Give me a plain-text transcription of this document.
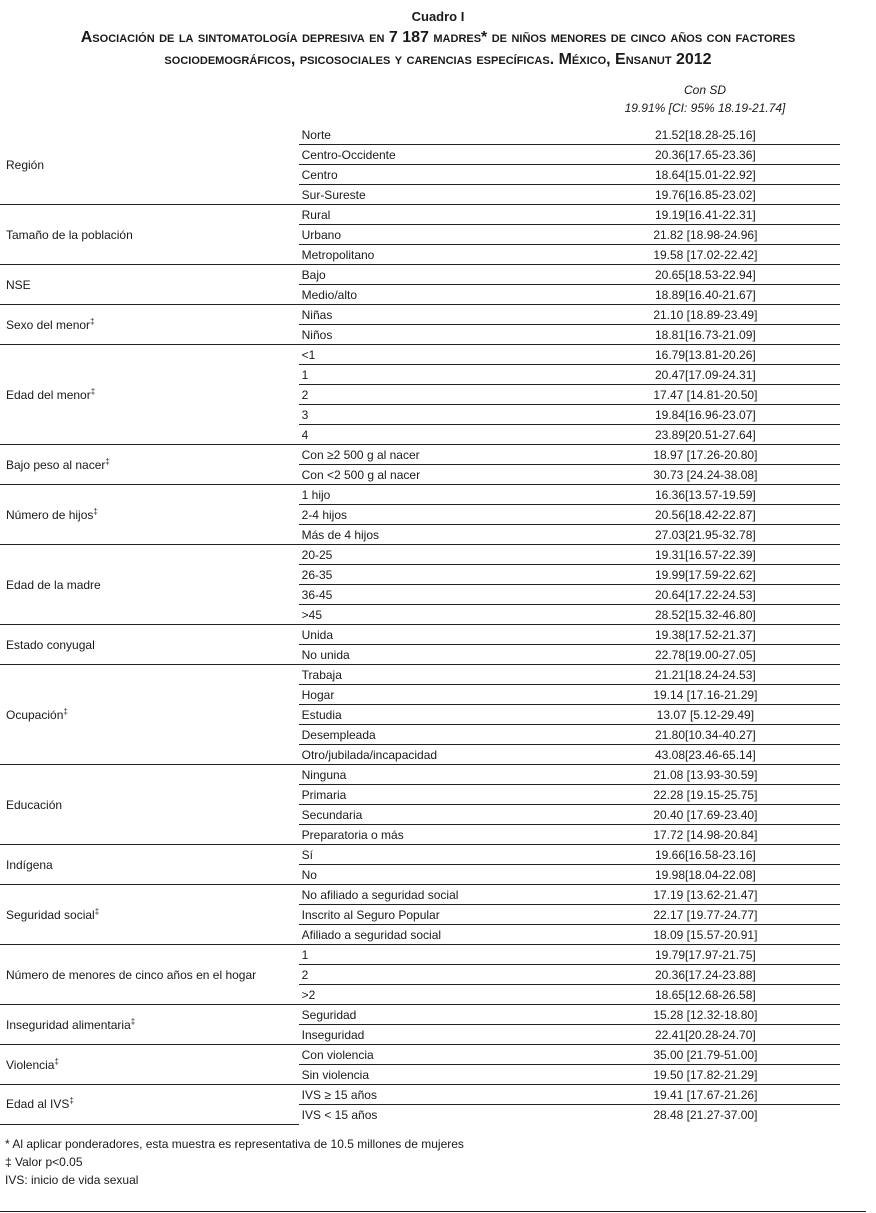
Cuadro I
Asociación de la sintomatología depresiva en 7 187 madres* de niños menores de cinco años con factores sociodemográficos, psicosociales y carencias específicas. México, Ensanut 2012
Con SD
19.91% [CI: 95% 18.19-21.74]
Región	Norte	21.52[18.28-25.16]
	Centro-Occidente	20.36[17.65-23.36]
	Centro	18.64[15.01-22.92]
	Sur-Sureste	19.76[16.85-23.02]
Tamaño de la población	Rural	19.19[16.41-22.31]
	Urbano	21.82 [18.98-24.96]
	Metropolitano	19.58 [17.02-22.42]
NSE	Bajo	20.65[18.53-22.94]
	Medio/alto	18.89[16.40-21.67]
Sexo del menor‡	Niñas	21.10 [18.89-23.49]
	Niños	18.81[16.73-21.09]
Edad del menor‡	<1	16.79[13.81-20.26]
	1	20.47[17.09-24.31]
	2	17.47 [14.81-20.50]
	3	19.84[16.96-23.07]
	4	23.89[20.51-27.64]
Bajo peso al nacer‡	Con ≥2 500 g al nacer	18.97 [17.26-20.80]
	Con <2 500 g al nacer	30.73 [24.24-38.08]
Número de hijos‡	1 hijo	16.36[13.57-19.59]
	2-4 hijos	20.56[18.42-22.87]
	Más de 4 hijos	27.03[21.95-32.78]
Edad de la madre	20-25	19.31[16.57-22.39]
	26-35	19.99[17.59-22.62]
	36-45	20.64[17.22-24.53]
	>45	28.52[15.32-46.80]
Estado conyugal	Unida	19.38[17.52-21.37]
	No unida	22.78[19.00-27.05]
Ocupación‡	Trabaja	21.21[18.24-24.53]
	Hogar	19.14 [17.16-21.29]
	Estudia	13.07 [5.12-29.49]
	Desempleada	21.80[10.34-40.27]
	Otro/jubilada/incapacidad	43.08[23.46-65.14]
Educación	Ninguna	21.08 [13.93-30.59]
	Primaria	22.28 [19.15-25.75]
	Secundaria	20.40 [17.69-23.40]
	Preparatoria o más	17.72 [14.98-20.84]
Indígena	Sí	19.66[16.58-23.16]
	No	19.98[18.04-22.08]
Seguridad social‡	No afiliado a seguridad social	17.19 [13.62-21.47]
	Inscrito al Seguro Popular	22.17 [19.77-24.77]
	Afiliado a seguridad social	18.09 [15.57-20.91]
Número de menores de cinco años en el hogar	1	19.79[17.97-21.75]
	2	20.36[17.24-23.88]
	>2	18.65[12.68-26.58]
Inseguridad alimentaria‡	Seguridad	15.28 [12.32-18.80]
	Inseguridad	22.41[20.28-24.70]
Violencia‡	Con violencia	35.00 [21.79-51.00]
	Sin violencia	19.50 [17.82-21.29]
Edad al IVS‡	IVS ≥ 15 años	19.41 [17.67-21.26]
	IVS < 15 años	28.48 [21.27-37.00]
* Al aplicar ponderadores, esta muestra es representativa de 10.5 millones de mujeres
‡ Valor p<0.05
IVS: inicio de vida sexual
